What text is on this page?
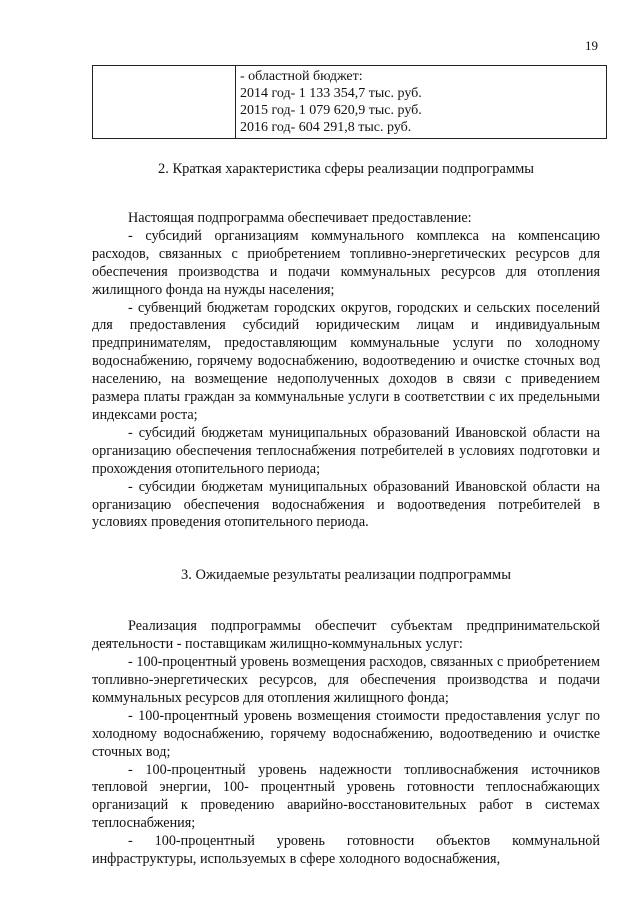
19

- областной бюджет:
2014 год- 1 133 354,7 тыс. руб.
2015 год- 1 079 620,9 тыс. руб.
2016 год- 604 291,8 тыс. руб.
2. Краткая характеристика сферы реализации подпрограммы

Настоящая подпрограмма обеспечивает предоставление:

- субсидий организациям коммунального комплекса на компенсацию расходов, связанных с приобретением топливно-энергетических ресурсов для обеспечения производства и подачи коммунальных ресурсов для отопления жилищного фонда на нужды населения;

- субвенций бюджетам городских округов, городских и сельских поселений для предоставления субсидий юридическим лицам и индивидуальным предпринимателям, предоставляющим коммунальные услуги по холодному водоснабжению, горячему водоснабжению, водоотведению и очистке сточных вод населению, на возмещение недополученных доходов в связи с приведением размера платы граждан за коммунальные услуги в соответствии с их предельными индексами роста;

- субсидий бюджетам муниципальных образований Ивановской области на организацию обеспечения теплоснабжения потребителей в условиях подготовки и прохождения отопительного периода;

- субсидии бюджетам муниципальных образований Ивановской области на организацию обеспечения водоснабжения и водоотведения потребителей в условиях проведения отопительного периода.

3. Ожидаемые результаты реализации подпрограммы

Реализация подпрограммы обеспечит субъектам предпринимательской деятельности - поставщикам жилищно-коммунальных услуг:

- 100-процентный уровень возмещения расходов, связанных с приобретением топливно-энергетических ресурсов, для обеспечения производства и подачи коммунальных ресурсов для отопления жилищного фонда;

- 100-процентный уровень возмещения стоимости предоставления услуг по холодному водоснабжению, горячему водоснабжению, водоотведению и очистке сточных вод;

- 100-процентный уровень надежности топливоснабжения источников тепловой энергии, 100- процентный уровень готовности теплоснабжающих организаций к проведению аварийно-восстановительных работ в системах теплоснабжения;

- 100-процентный уровень готовности объектов коммунальной инфраструктуры, используемых в сфере холодного водоснабжения,
